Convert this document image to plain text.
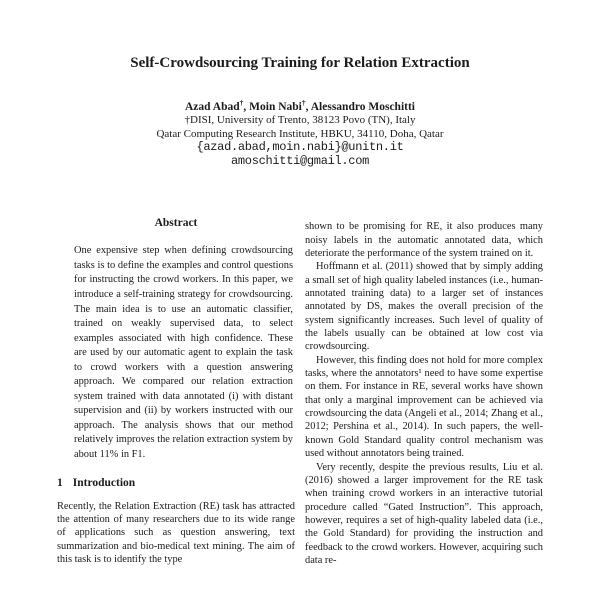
Self-Crowdsourcing Training for Relation Extraction
Azad Abad†, Moin Nabi†, Alessandro Moschitti
†DISI, University of Trento, 38123 Povo (TN), Italy
Qatar Computing Research Institute, HBKU, 34110, Doha, Qatar
{azad.abad,moin.nabi}@unitn.it
amoschitti@gmail.com
Abstract

One expensive step when defining crowdsourcing tasks is to define the examples and control questions for instructing the crowd workers. In this paper, we introduce a self-training strategy for crowdsourcing. The main idea is to use an automatic classifier, trained on weakly supervised data, to select examples associated with high confidence. These are used by our automatic agent to explain the task to crowd workers with a question answering approach. We compared our relation extraction system trained with data annotated (i) with distant supervision and (ii) by workers instructed with our approach. The analysis shows that our method relatively improves the relation extraction system by about 11% in F1.

1 Introduction

Recently, the Relation Extraction (RE) task has attracted the attention of many researchers due to its wide range of applications such as question answering, text summarization and bio-medical text mining. The aim of this task is to identify the type

shown to be promising for RE, it also produces many noisy labels in the automatic annotated data, which deteriorate the performance of the system trained on it.

Hoffmann et al. (2011) showed that by simply adding a small set of high quality labeled instances (i.e., human-annotated training data) to a larger set of instances annotated by DS, makes the overall precision of the system significantly increases. Such level of quality of the labels usually can be obtained at low cost via crowdsourcing.

However, this finding does not hold for more complex tasks, where the annotators¹ need to have some expertise on them. For instance in RE, several works have shown that only a marginal improvement can be achieved via crowdsourcing the data (Angeli et al., 2014; Zhang et al., 2012; Pershina et al., 2014). In such papers, the well-known Gold Standard quality control mechanism was used without annotators being trained.

Very recently, despite the previous results, Liu et al. (2016) showed a larger improvement for the RE task when training crowd workers in an interactive tutorial procedure called “Gated Instruction”. This approach, however, requires a set of high-quality labeled data (i.e., the Gold Standard) for providing the instruction and feedback to the crowd workers. However, acquiring such data re-
